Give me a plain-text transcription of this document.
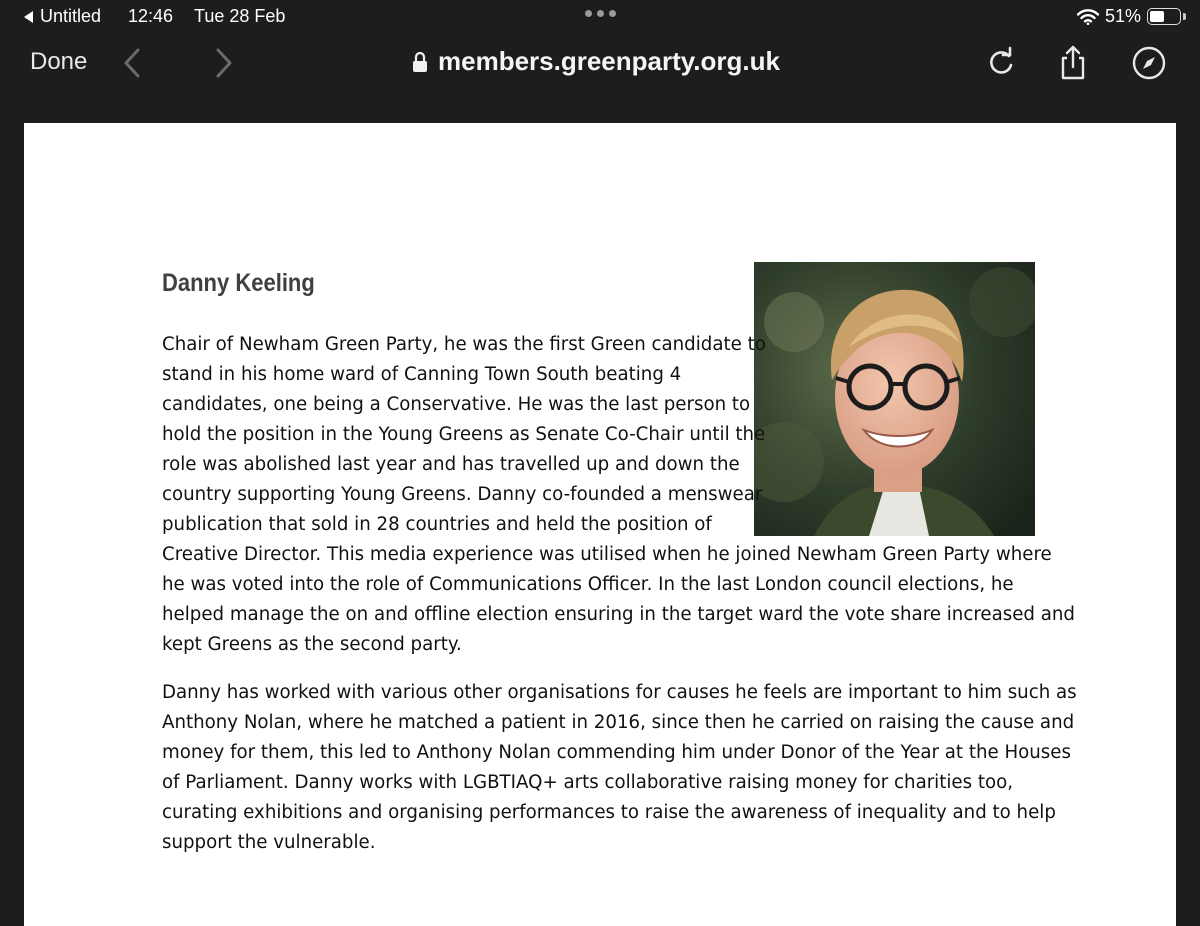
Untitled 12:46 Tue 28 Feb	51%
Done	members.greenparty.org.uk
Danny Keeling
Chair of Newham Green Party, he was the first Green candidate to
stand in his home ward of Canning Town South beating 4
candidates, one being a Conservative. He was the last person to
hold the position in the Young Greens as Senate Co-Chair until the
role was abolished last year and has travelled up and down the
country supporting Young Greens. Danny co-founded a menswear
publication that sold in 28 countries and held the position of
Creative Director. This media experience was utilised when he joined Newham Green Party where
he was voted into the role of Communications Officer. In the last London council elections, he
helped manage the on and offline election ensuring in the target ward the vote share increased and
kept Greens as the second party.
Danny has worked with various other organisations for causes he feels are important to him such as
Anthony Nolan, where he matched a patient in 2016, since then he carried on raising the cause and
money for them, this led to Anthony Nolan commending him under Donor of the Year at the Houses
of Parliament. Danny works with LGBTIAQ+ arts collaborative raising money for charities too,
curating exhibitions and organising performances to raise the awareness of inequality and to help
support the vulnerable.
